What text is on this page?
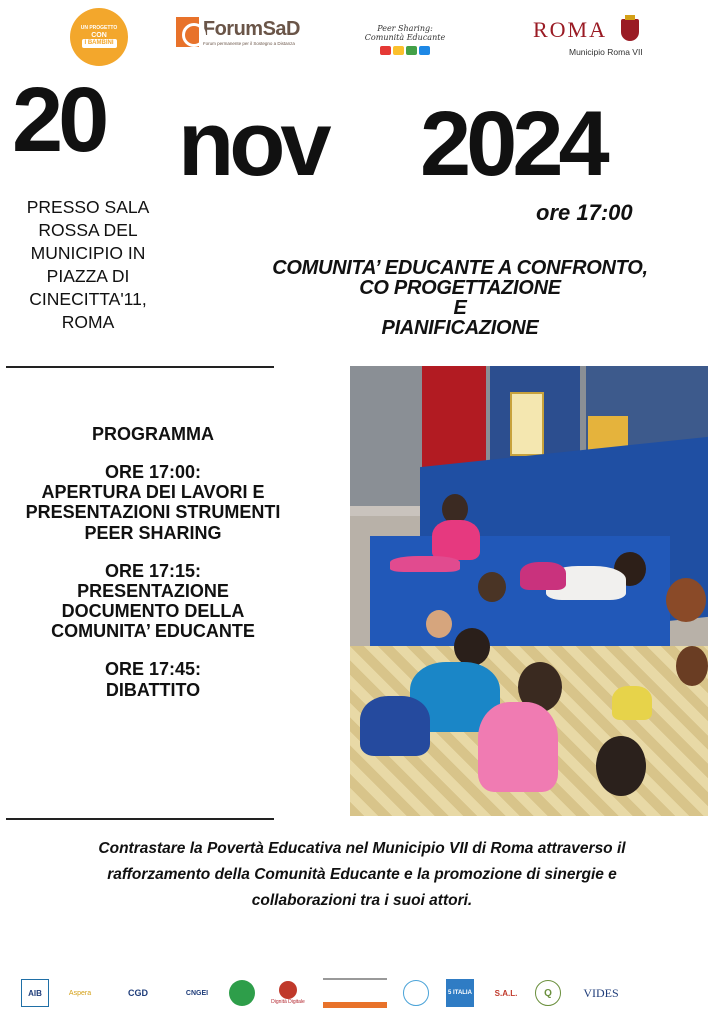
UN PROGETTO
CON
I BAMBINI
ForumSaD
Forum permanente per il Sostegno a Distanza
Peer Sharing: Comunità Educante	ROMA
Municipio Roma VII
20 nov 2024
PRESSO SALA ROSSA DEL MUNICIPIO IN PIAZZA DI CINECITTA'11, ROMA
ore 17:00
COMUNITA’ EDUCANTE A CONFRONTO,
CO PROGETTAZIONE
E
PIANIFICAZIONE
PROGRAMMA
ORE 17:00:
APERTURA DEI LAVORI E PRESENTAZIONI STRUMENTI PEER SHARING
ORE 17:15:
PRESENTAZIONE DOCUMENTO DELLA COMUNITA’ EDUCANTE
ORE 17:45:
DIBATTITO
Contrastare la Povertà Educativa nel Municipio VII di Roma attraverso il
rafforzamento della Comunità Educante e la promozione di sinergie e
collaborazioni tra i suoi attori.
AIB	Aspera	CGD	CNGEI
Dignità Digitale
5 ITALIA	S.A.L.	Q	VIDES
